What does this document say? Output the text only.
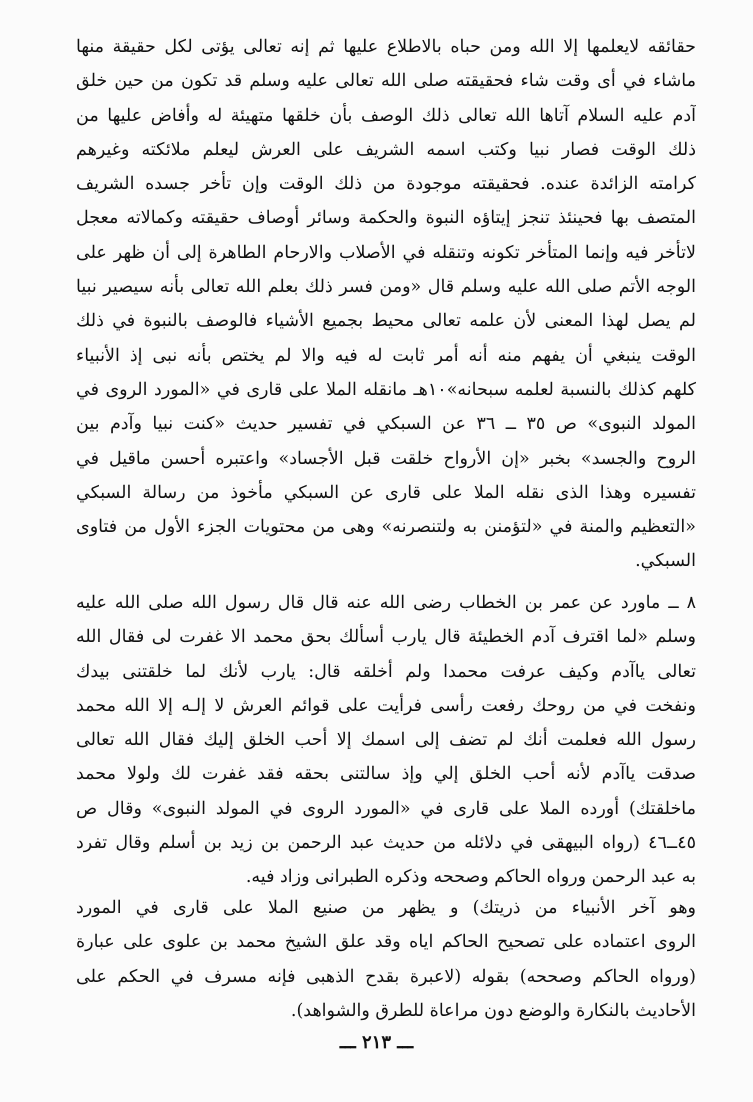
حقائقه لايعلمها إلا الله ومن حباه بالاطلاع عليها ثم إنه تعالى يؤتى لكل حقيقة منها
ماشاء في أى وقت شاء فحقيقته صلى الله تعالى عليه وسلم قد تكون من حين خلق
آدم عليه السلام آتاها الله تعالى ذلك الوصف بأن خلقها متهيئة له وأفاض عليها من
ذلك الوقت فصار نبيا وكتب اسمه الشريف على العرش ليعلم ملائكته وغيرهم
كرامته الزائدة عنده. فحقيقته موجودة من ذلك الوقت وإن تأخر جسده الشريف
المتصف بها فحينئذ تنجز إيتاؤه النبوة والحكمة وسائر أوصاف حقيقته وكمالاته معجل
لاتأخر فيه وإنما المتأخر تكونه وتنقله في الأصلاب والارحام الطاهرة إلى أن ظهر على
الوجه الأتم صلى الله عليه وسلم قال «ومن فسر ذلك بعلم الله تعالى بأنه سيصير نبيا
لم يصل لهذا المعنى لأن علمه تعالى محيط بجميع الأشياء فالوصف بالنبوة في ذلك
الوقت ينبغي أن يفهم منه أنه أمر ثابت له فيه والا لم يختص بأنه نبى إذ الأنبياء
كلهم كذلك بالنسبة لعلمه سبحانه»١٠هـ مانقله الملا على قارى في «المورد الروى في
المولد النبوى» ص ٣٥ ــ ٣٦ عن السبكي في تفسير حديث «كنت نبيا وآدم بين
الروح والجسد» بخبر «إن الأرواح خلقت قبل الأجساد» واعتبره أحسن ماقيل في
تفسيره وهذا الذى نقله الملا على قارى عن السبكي مأخوذ من رسالة السبكي
«التعظيم والمنة في «لتؤمنن به ولتنصرنه» وهى من محتويات الجزء الأول من فتاوى
السبكي.
٨ ــ ماورد عن عمر بن الخطاب رضى الله عنه قال قال رسول الله صلى الله عليه
وسلم «لما اقترف آدم الخطيئة قال يارب أسألك بحق محمد الا غفرت لى فقال الله
تعالى ياآدم وكيف عرفت محمدا ولم أخلقه قال: يارب لأنك لما خلقتنى بيدك
ونفخت في من روحك رفعت رأسى فرأيت على قوائم العرش لا إلـه إلا الله محمد
رسول الله فعلمت أنك لم تضف إلى اسمك إلا أحب الخلق إليك فقال الله تعالى
صدقت ياآدم لأنه أحب الخلق إلي وإذ سالتنى بحقه فقد غفرت لك ولولا محمد
ماخلقتك) أورده الملا على قارى في «المورد الروى في المولد النبوى» وقال ص
٤٥ــ٤٦ (رواه البيهقى في دلائله من حديث عبد الرحمن بن زيد بن أسلم وقال تفرد
به عبد الرحمن ورواه الحاكم وصححه وذكره الطبرانى وزاد فيه.
وهو آخر الأنبياء من ذريتك) و يظهر من صنيع الملا على قارى في المورد
الروى اعتماده على تصحيح الحاكم اياه وقد علق الشيخ محمد بن علوى على عبارة
(ورواه الحاكم وصححه) بقوله (لاعبرة بقدح الذهبى فإنه مسرف في الحكم على
الأحاديث بالنكارة والوضع دون مراعاة للطرق والشواهد).
ـــ ٢١٣ ـــ
